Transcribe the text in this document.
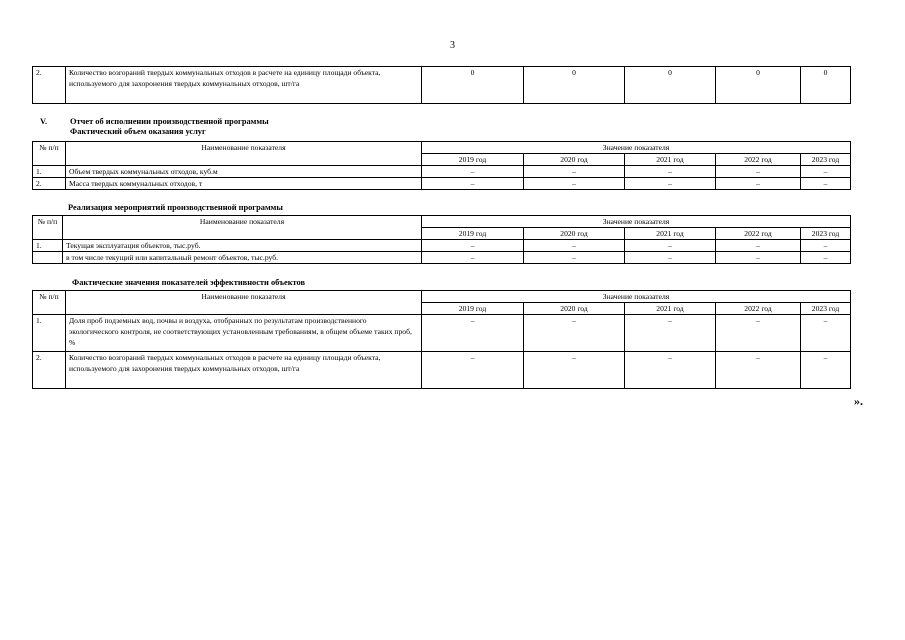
3
2.	Количество возгораний твердых коммунальных отходов в расчете на единицу площади объекта, используемого для захоронения твердых коммунальных отходов, шт/га	0	0	0	0	0
V.	Отчет об исполнении производственной программы
Фактический объем оказания услуг
№ п/п	Наименование показателя	Значение показателя				
		2019 год	2020 год	2021 год	2022 год	2023 год
1.	Объем твердых коммунальных отходов, куб.м	–	–	–	–	–
2.	Масса твердых коммунальных отходов, т	–	–	–	–	–
Реализация мероприятий производственной программы
№ п/п	Наименование показателя	Значение показателя				
		2019 год	2020 год	2021 год	2022 год	2023 год
1.	Текущая эксплуатация объектов, тыс.руб.	–	–	–	–	–
	в том числе текущий или капитальный ремонт объектов, тыс.руб.	–	–	–	–	–
Фактические значения показателей эффективности объектов
№ п/п	Наименование показателя	Значение показателя				
		2019 год	2020 год	2021 год	2022 год	2023 год
1.	Доля проб подземных вод, почвы и воздуха, отобранных по результатам производственного экологического контроля, не соответствующих установленным требованиям, в общем объеме таких проб, %	–	–	–	–	–
2.	Количество возгораний твердых коммунальных отходов в расчете на единицу площади объекта, используемого для захоронения твердых коммунальных отходов, шт/га	–	–	–	–	–
».
